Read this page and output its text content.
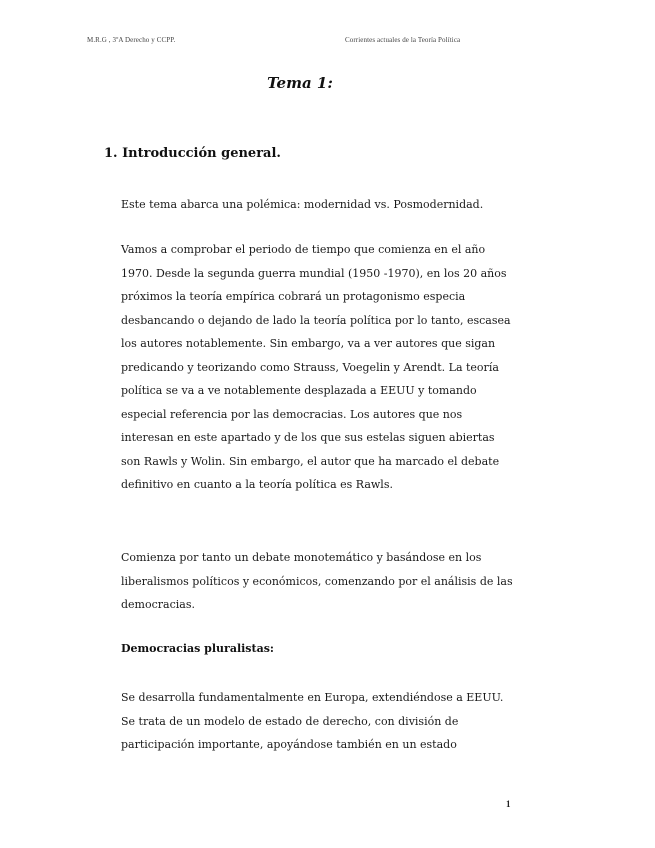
M.R.G , 3ºA Derecho y CCPP.	Corrientes actuales de la Teoría Política
Tema 1:
1. Introducción general.

Este tema abarca una polémica: modernidad vs. Posmodernidad.

Vamos a comprobar el periodo de tiempo que comienza en el año 1970. Desde la segunda guerra mundial (1950 -1970), en los 20 años próximos la teoría empírica cobrará un protagonismo especia desbancando o dejando de lado la teoría política por lo tanto, escasea los autores notablemente. Sin embargo, va a ver autores que sigan predicando y teorizando como Strauss, Voegelin y Arendt. La teoría política se va a ve notablemente desplazada a EEUU y tomando especial referencia por las democracias. Los autores que nos interesan en este apartado y de los que sus estelas siguen abiertas son Rawls y Wolin. Sin embargo, el autor que ha marcado el debate definitivo en cuanto a la teoría política es Rawls.

Comienza por tanto un debate monotemático y basándose en los liberalismos políticos y económicos, comenzando por el análisis de las democracias.

Democracias pluralistas:

Se desarrolla fundamentalmente en Europa, extendiéndose a EEUU. Se trata de un modelo de estado de derecho, con división de participación importante, apoyándose también en un estado

1
